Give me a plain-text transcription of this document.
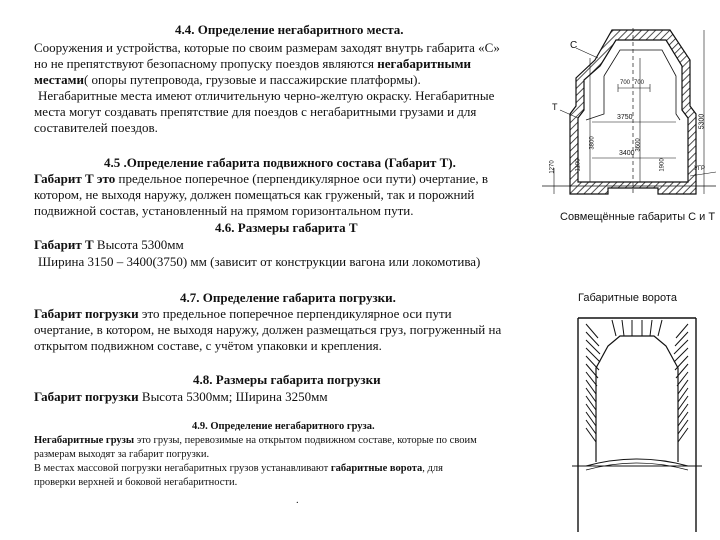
4.4. Определение негабаритного места.
Сооружения и устройства, которые по своим размерам заходят внутрь габарита «С»
но не препятствуют безопасному пропуску поездов являются негабаритными
местами( опоры путепровода, грузовые и пассажирские платформы).
Негабаритные места имеют отличительную черно-желтую окраску. Негабаритные
места могут создавать препятствие для поездов с негабаритными грузами и для
составителей поездов.
4.5 .Определение габарита подвижного состава (Габарит Т).
Габарит Т это предельное поперечное (перпендикулярное оси пути) очертание, в
котором, не выходя наружу, должен помещаться как груженый, так и порожний
подвижной состав, установленный на прямом горизонтальном пути.
4.6. Размеры габарита Т
Габарит Т Высота 5300мм
Ширина 3150 – 3400(3750) мм (зависит от конструкции вагона или локомотива)
4.7. Определение габарита погрузки.
Габарит погрузки это предельное поперечное перпендикулярное оси пути
очертание, в котором, не выходя наружу, должен размещаться груз, погруженный на
открытом подвижном составе, с учётом упаковки и крепления.
4.8. Размеры габарита погрузки
Габарит погрузки Высота 5300мм; Ширина 3250мм
4.9. Определение негабаритного груза.
Негабаритные грузы это грузы, перевозимые на открытом подвижном составе, которые по своим
размерам выходят за габарит погрузки.
В местах массовой погрузки негабаритных грузов устанавливают габаритные ворота, для
проверки верхней и боковой негабаритности.
.
С
Т
700 700
3750
3400
3800
5300
3600
1270	1100	1900	УГР
Совмещённые габариты С и Т
Габаритные ворота
